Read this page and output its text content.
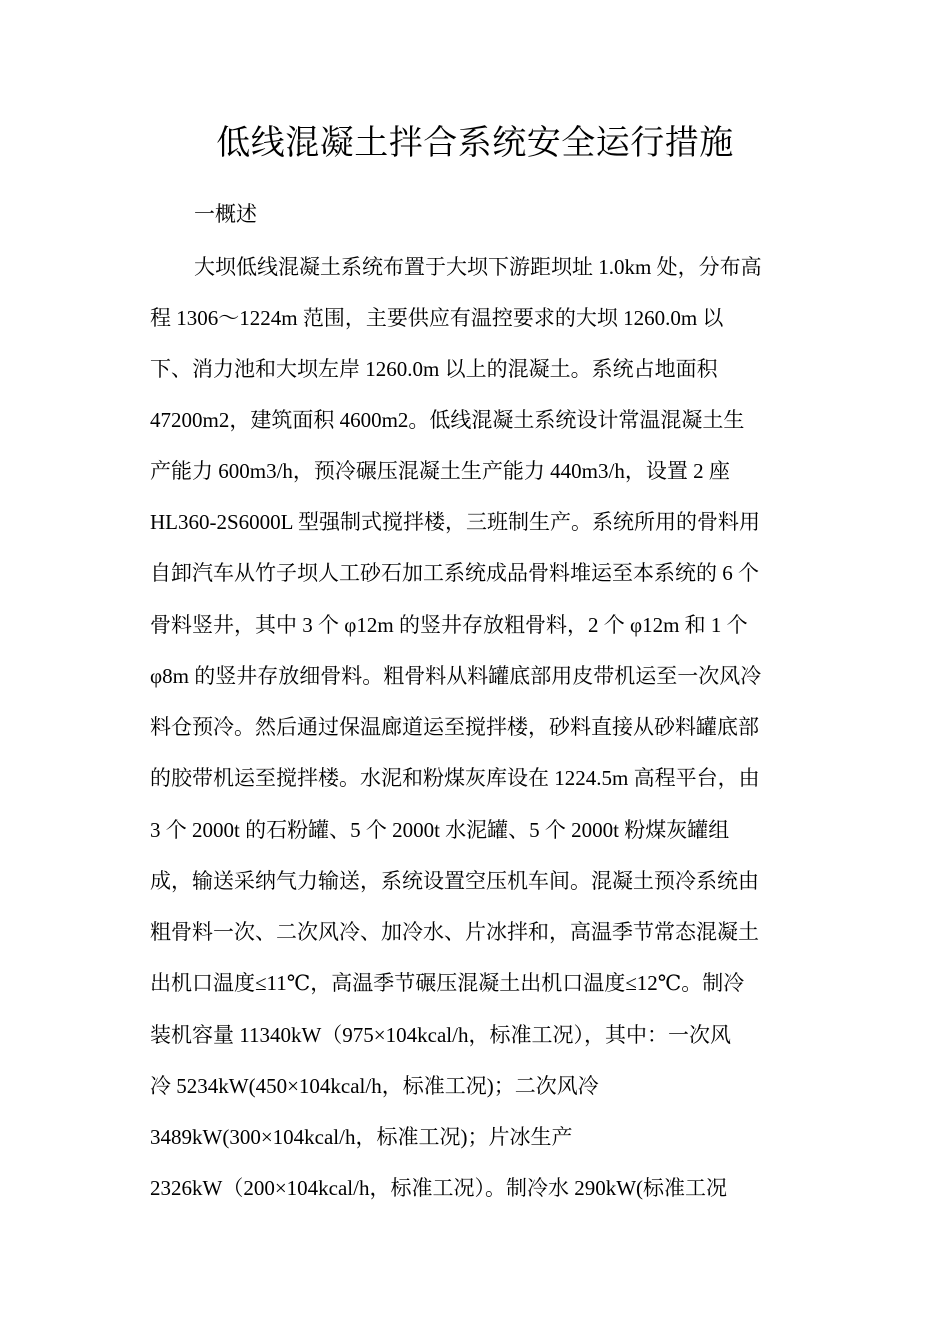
低线混凝土拌合系统安全运行措施
一概述
大坝低线混凝土系统布置于大坝下游距坝址 1.0km 处，分布高
程 1306～1224m 范围，主要供应有温控要求的大坝 1260.0m 以
下、消力池和大坝左岸 1260.0m 以上的混凝土。系统占地面积
47200m2，建筑面积 4600m2。低线混凝土系统设计常温混凝土生
产能力 600m3/h，预冷碾压混凝土生产能力 440m3/h，设置 2 座
HL360-2S6000L 型强制式搅拌楼，三班制生产。系统所用的骨料用
自卸汽车从竹子坝人工砂石加工系统成品骨料堆运至本系统的 6 个
骨料竖井，其中 3 个 φ12m 的竖井存放粗骨料，2 个 φ12m 和 1 个
φ8m 的竖井存放细骨料。粗骨料从料罐底部用皮带机运至一次风冷
料仓预冷。然后通过保温廊道运至搅拌楼，砂料直接从砂料罐底部
的胶带机运至搅拌楼。水泥和粉煤灰库设在 1224.5m 高程平台，由
3 个 2000t 的石粉罐、5 个 2000t 水泥罐、5 个 2000t 粉煤灰罐组
成，输送采纳气力输送，系统设置空压机车间。混凝土预冷系统由
粗骨料一次、二次风冷、加冷水、片冰拌和，高温季节常态混凝土
出机口温度≤11℃，高温季节碾压混凝土出机口温度≤12℃。制冷
装机容量 11340kW（975×104kcal/h，标准工况），其中：一次风
冷 5234kW(450×104kcal/h，标准工况)；二次风冷
3489kW(300×104kcal/h，标准工况)；片冰生产
2326kW（200×104kcal/h，标准工况）。制冷水 290kW(标准工况
